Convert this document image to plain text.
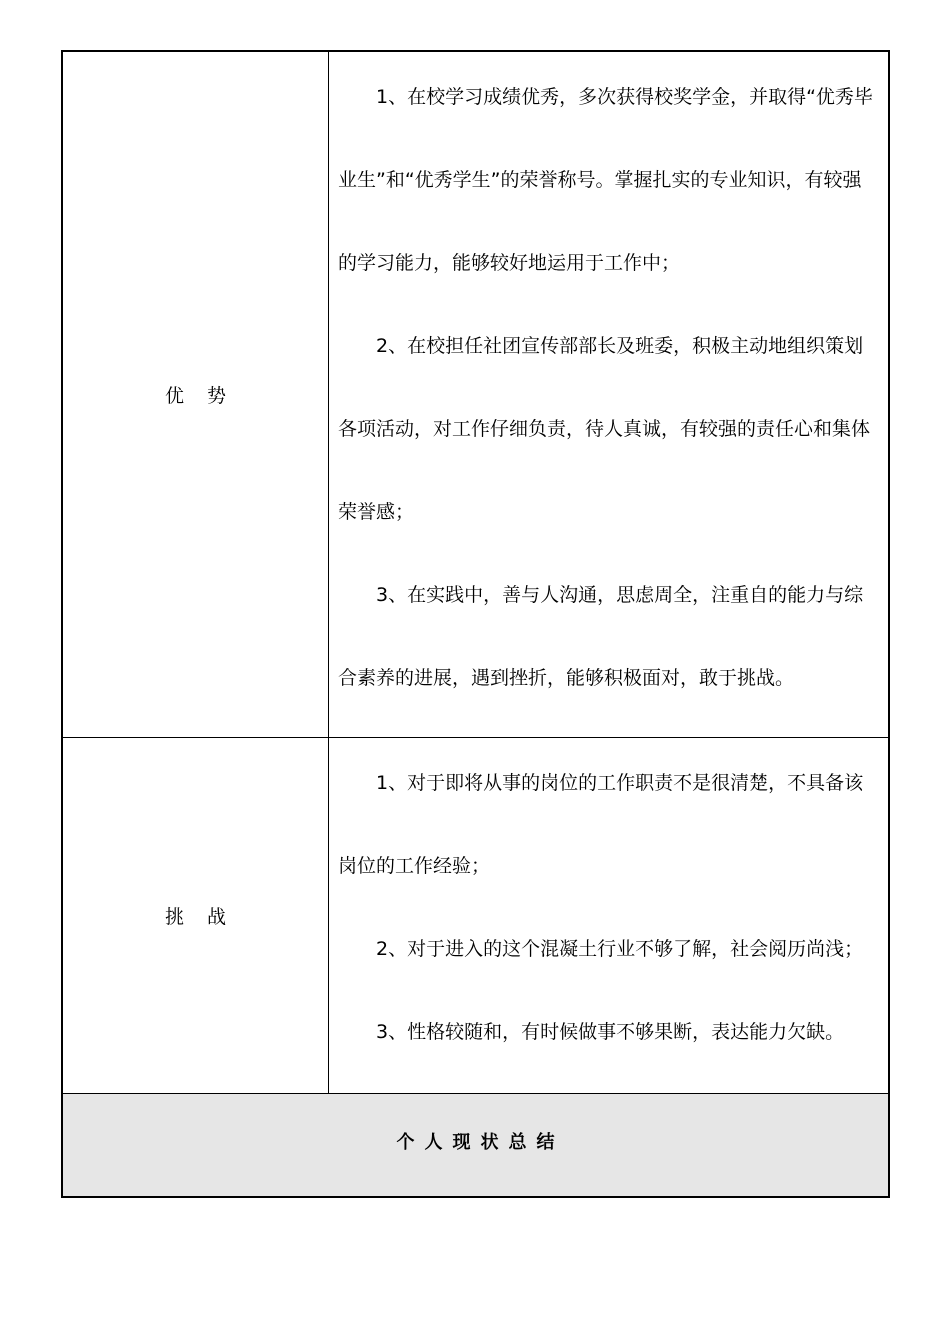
优势

1、在校学习成绩优秀，多次获得校奖学金，并取得“优秀毕业生”和“优秀学生”的荣誉称号。掌握扎实的专业知识，有较强的学习能力，能够较好地运用于工作中；

2、在校担任社团宣传部部长及班委，积极主动地组织策划各项活动，对工作仔细负责，待人真诚，有较强的责任心和集体荣誉感；

3、在实践中，善与人沟通，思虑周全，注重自的能力与综合素养的进展，遇到挫折，能够积极面对，敢于挑战。

挑战

1、对于即将从事的岗位的工作职责不是很清楚，不具备该岗位的工作经验；

2、对于进入的这个混凝土行业不够了解，社会阅历尚浅；

3、性格较随和，有时候做事不够果断，表达能力欠缺。

个人现状总结
